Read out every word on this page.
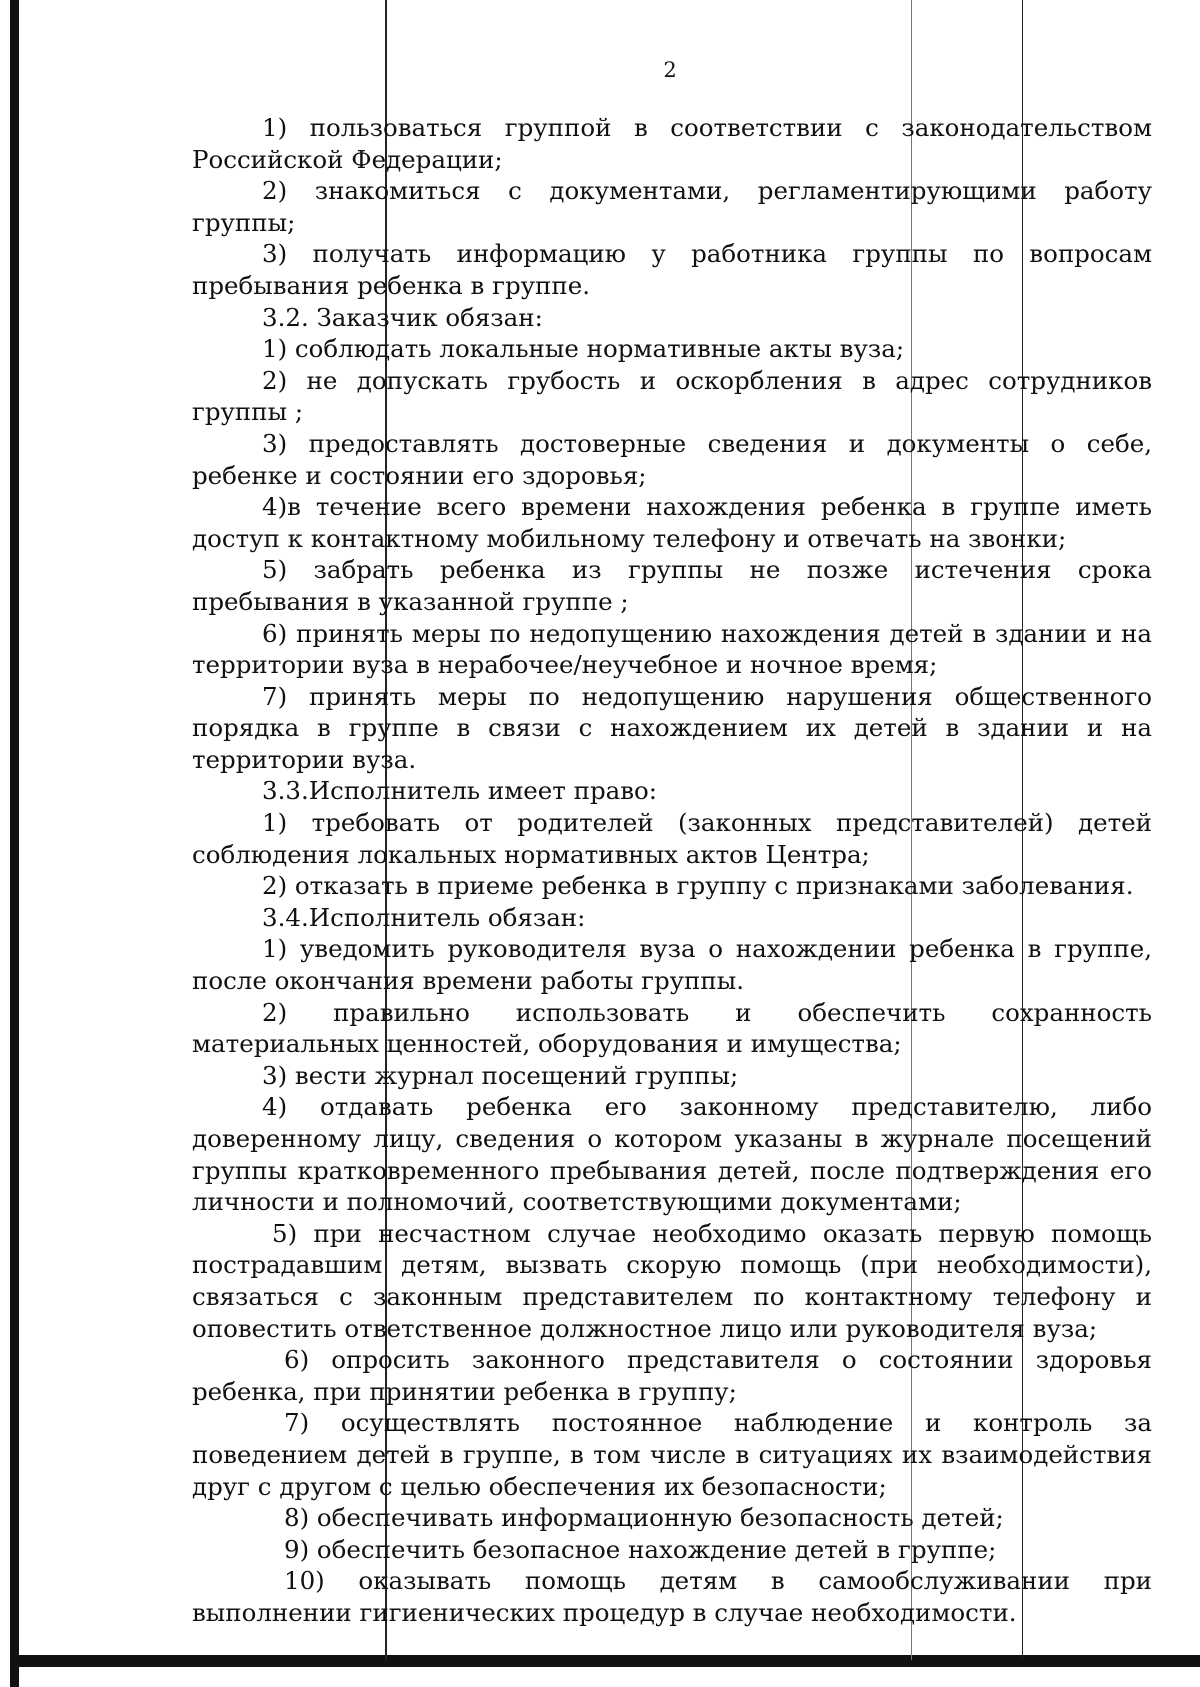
2

1) пользоваться группой в соответствии с законодательством Российской Федерации;

2) знакомиться с документами, регламентирующими работу группы;

3) получать информацию у работника группы по вопросам пребывания ребенка в группе.

3.2. Заказчик обязан:

1) соблюдать локальные нормативные акты вуза;

2) не допускать грубость и оскорбления в адрес сотрудников группы ;

3) предоставлять достоверные сведения и документы о себе, ребенке и состоянии его здоровья;

4)в течение всего времени нахождения ребенка в группе иметь доступ к контактному мобильному телефону и отвечать на звонки;

5) забрать ребенка из группы не позже истечения срока пребывания в указанной группе ;

6) принять меры по недопущению нахождения детей в здании и на территории вуза в нерабочее/неучебное и ночное время;

7) принять меры по недопущению нарушения общественного порядка в группе в связи с нахождением их детей в здании и на территории вуза.

3.3.Исполнитель имеет право:

1) требовать от родителей (законных представителей) детей соблюдения локальных нормативных актов Центра;

2) отказать в приеме ребенка в группу с признаками заболевания.

3.4.Исполнитель обязан:

1) уведомить руководителя вуза о нахождении ребенка в группе, после окончания времени работы группы.

2) правильно использовать и обеспечить сохранность материальных ценностей, оборудования и имущества;

3) вести журнал посещений группы;

4) отдавать ребенка его законному представителю, либо доверенному лицу, сведения о котором указаны в журнале посещений группы кратковременного пребывания детей, после подтверждения его личности и полномочий, соответствующими документами;

5) при несчастном случае необходимо оказать первую помощь пострадавшим детям, вызвать скорую помощь (при необходимости), связаться с законным представителем по контактному телефону и оповестить ответственное должностное лицо или руководителя вуза;

6) опросить законного представителя о состоянии здоровья ребенка, при принятии ребенка в группу;

7) осуществлять постоянное наблюдение и контроль за поведением детей в группе, в том числе в ситуациях их взаимодействия друг с другом с целью обеспечения их безопасности;

8) обеспечивать информационную безопасность детей;

9) обеспечить безопасное нахождение детей в группе;

10) оказывать помощь детям в самообслуживании при выполнении гигиенических процедур в случае необходимости.
